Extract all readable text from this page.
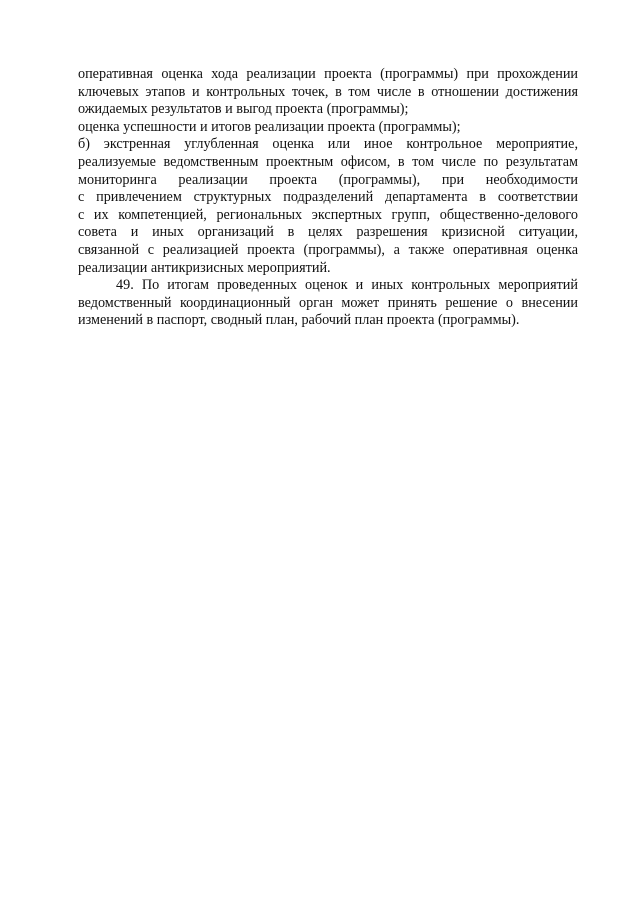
оперативная оценка хода реализации проекта (программы) при прохождении
ключевых этапов и контрольных точек, в том числе в отношении достижения
ожидаемых результатов и выгод проекта (программы);
оценка успешности и итогов реализации проекта (программы);
б) экстренная углубленная оценка или иное контрольное мероприятие,
реализуемые ведомственным проектным офисом, в том числе по результатам
мониторинга реализации проекта (программы), при необходимости
с привлечением структурных подразделений департамента в соответствии
с их компетенцией, региональных экспертных групп, общественно-делового
совета и иных организаций в целях разрешения кризисной ситуации,
связанной с реализацией проекта (программы), а также оперативная оценка
реализации антикризисных мероприятий.
49. По итогам проведенных оценок и иных контрольных мероприятий
ведомственный координационный орган может принять решение о внесении
изменений в паспорт, сводный план, рабочий план проекта (программы).
